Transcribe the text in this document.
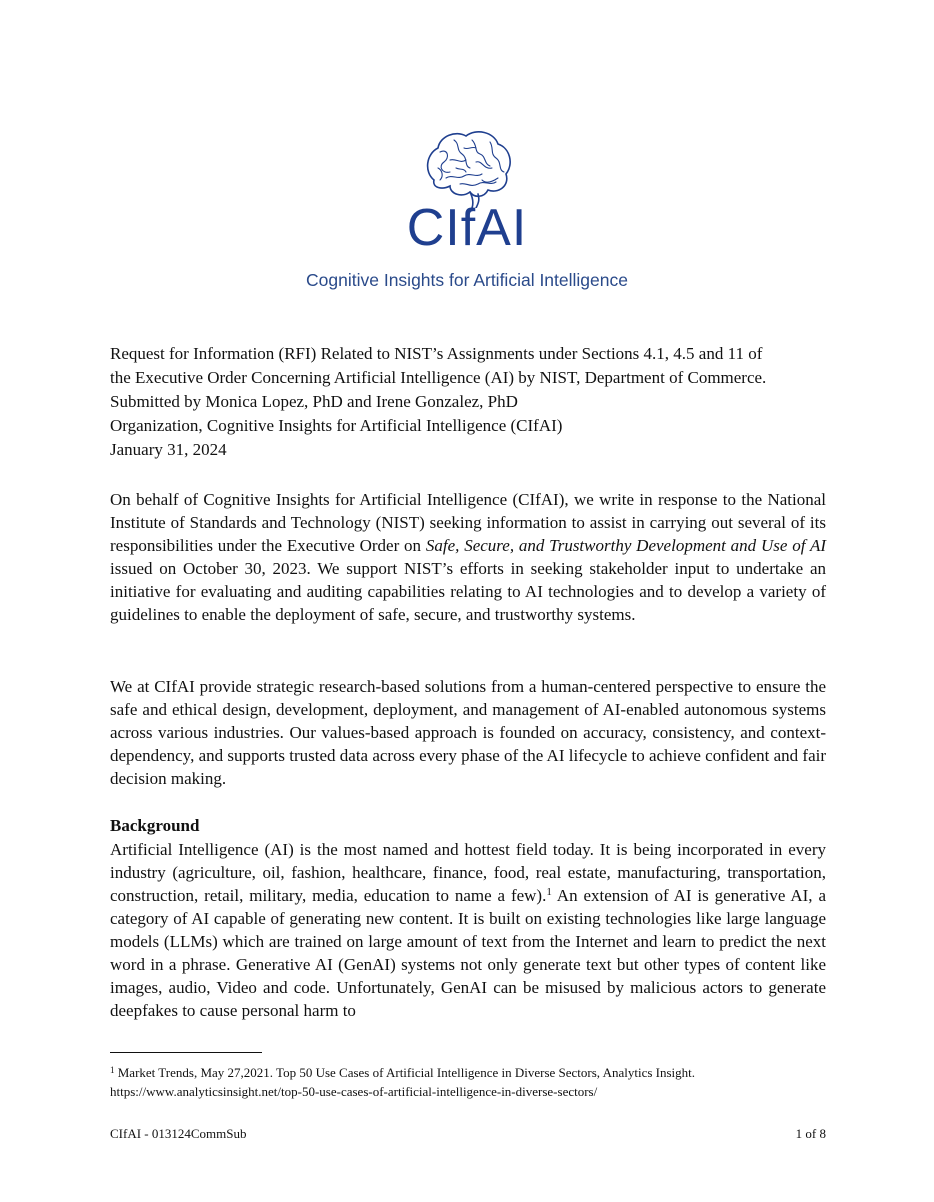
CIfAI
Cognitive Insights for Artificial Intelligence
Request for Information (RFI) Related to NIST’s Assignments under Sections 4.1, 4.5 and 11 of
the Executive Order Concerning Artificial Intelligence (AI) by NIST, Department of Commerce.
Submitted by Monica Lopez, PhD and Irene Gonzalez, PhD
Organization, Cognitive Insights for Artificial Intelligence (CIfAI)
January 31, 2024

On behalf of Cognitive Insights for Artificial Intelligence (CIfAI), we write in response to the National Institute of Standards and Technology (NIST) seeking information to assist in carrying out several of its responsibilities under the Executive Order on Safe, Secure, and Trustworthy Development and Use of AI issued on October 30, 2023. We support NIST’s efforts in seeking stakeholder input to undertake an initiative for evaluating and auditing capabilities relating to AI technologies and to develop a variety of guidelines to enable the deployment of safe, secure, and trustworthy systems.

We at CIfAI provide strategic research-based solutions from a human-centered perspective to ensure the safe and ethical design, development, deployment, and management of AI-enabled autonomous systems across various industries. Our values-based approach is founded on accuracy, consistency, and context-dependency, and supports trusted data across every phase of the AI lifecycle to achieve confident and fair decision making.

Background

Artificial Intelligence (AI) is the most named and hottest field today. It is being incorporated in every industry (agriculture, oil, fashion, healthcare, finance, food, real estate, manufacturing, transportation, construction, retail, military, media, education to name a few).$^1$ An extension of AI is generative AI, a category of AI capable of generating new content. It is built on existing technologies like large language models (LLMs) which are trained on large amount of text from the Internet and learn to predict the next word in a phrase. Generative AI (GenAI) systems not only generate text but other types of content like images, audio, Video and code. Unfortunately, GenAI can be misused by malicious actors to generate deepfakes to cause personal harm to

$^1$ Market Trends, May 27,2021. Top 50 Use Cases of Artificial Intelligence in Diverse Sectors, Analytics Insight.
https://www.analyticsinsight.net/top-50-use-cases-of-artificial-intelligence-in-diverse-sectors/
CIfAI - 013124CommSub	1 of 8
